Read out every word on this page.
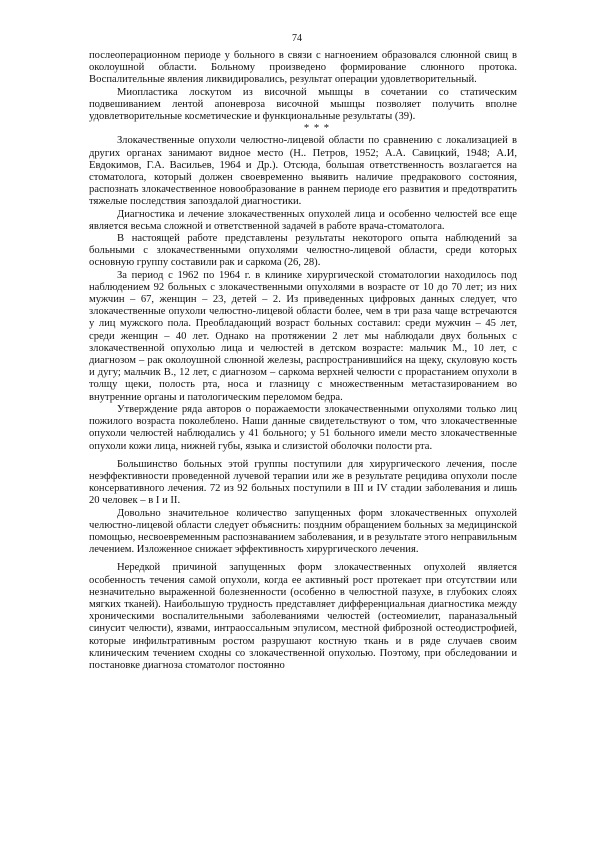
74

послеоперационном периоде у больного в связи с нагноением образовался слюнной свищ в околоушной области. Больному произведено формирование слюнного протока. Воспалительные явления ликвидировались, результат операции удовлетворительный.

Миопластика лоскутом из височной мышцы в сочетании со статическим подвешиванием лентой апоневроза височной мышцы позволяет получить вполне удовлетворительные косметические и функциональные результаты (39).

* * *

Злокачественные опухоли челюстно-лицевой области по сравнению с локализацией в других органах занимают видное место (Н.. Петров, 1952; А.А. Савицкий, 1948; А.И, Евдокимов, Г.А. Васильев, 1964 и Др.). Отсюда, большая ответственность возлагается на стоматолога, который должен своевременно выявить наличие предракового состояния, распознать злокачественное новообразование в раннем периоде его развития и предотвратить тяжелые последствия запоздалой диагностики.

Диагностика и лечение злокачественных опухолей лица и особенно челюстей все еще является весьма сложной и ответственной задачей в работе врача-стоматолога.

В настоящей работе представлены результаты некоторого опыта наблюдений за больными с злокачественными опухолями челюстно-лицевой области, среди которых основную группу составили рак и саркома (26, 28).

За период с 1962 по 1964 г. в клинике хирургической стоматологии находилось под наблюдением 92 больных с злокачественными опухолями в возрасте от 10 до 70 лет; из них мужчин – 67, женщин – 23, детей – 2. Из приведенных цифровых данных следует, что злокачественные опухоли челюстно-лицевой области более, чем в три раза чаще встречаются у лиц мужского пола. Преобладающий возраст больных составил: среди мужчин – 45 лет, среди женщин – 40 лет. Однако на протяжении 2 лет мы наблюдали двух больных с злокачественной опухолью лица и челюстей в детском возрасте: мальчик М., 10 лет, с диагнозом – рак околоушной слюнной железы, распространившийся на щеку, скуловую кость и дугу; мальчик В., 12 лет, с диагнозом – саркома верхней челюсти с прорастанием опухоли в толщу щеки, полость рта, носа и глазницу с множественным метастазированием во внутренние органы и патологическим переломом бедра.

Утверждение ряда авторов о поражаемости злокачественными опухолями только лиц пожилого возраста поколеблено. Наши данные свидетельствуют о том, что злокачественные опухоли челюстей наблюдались у 41 больного; у 51 больного имели место злокачественные опухоли кожи лица, нижней губы, языка и слизистой оболочки полости рта.

Большинство больных этой группы поступили для хирургического лечения, после неэффективности проведенной лучевой терапии или же в результате рецидива опухоли после консервативного лечения. 72 из 92 больных поступили в III и IV стадии заболевания и лишь 20 человек – в I и II.

Довольно значительное количество запущенных форм злокачественных опухолей челюстно-лицевой области следует объяснить: поздним обращением больных за медицинской помощью, несвоевременным распознаванием заболевания, и в результате этого неправильным лечением. Изложенное снижает эффективность хирургического лечения.

Нередкой причиной запущенных форм злокачественных опухолей является особенность течения самой опухоли, когда ее активный рост протекает при отсутствии или незначительно выраженной болезненности (особенно в челюстной пазухе, в глубоких слоях мягких тканей). Наибольшую трудность представляет дифференциальная диагностика между хроническими воспалительными заболеваниями челюстей (остеомиелит, параназальный синусит челюсти), язвами, интраоссальным эпулисом, местной фиброзной остеодистрофией, которые инфильтративным ростом разрушают костную ткань и в ряде случаев своим клиническим течением сходны со злокачественной опухолью. Поэтому, при обследовании и постановке диагноза стоматолог постоянно
